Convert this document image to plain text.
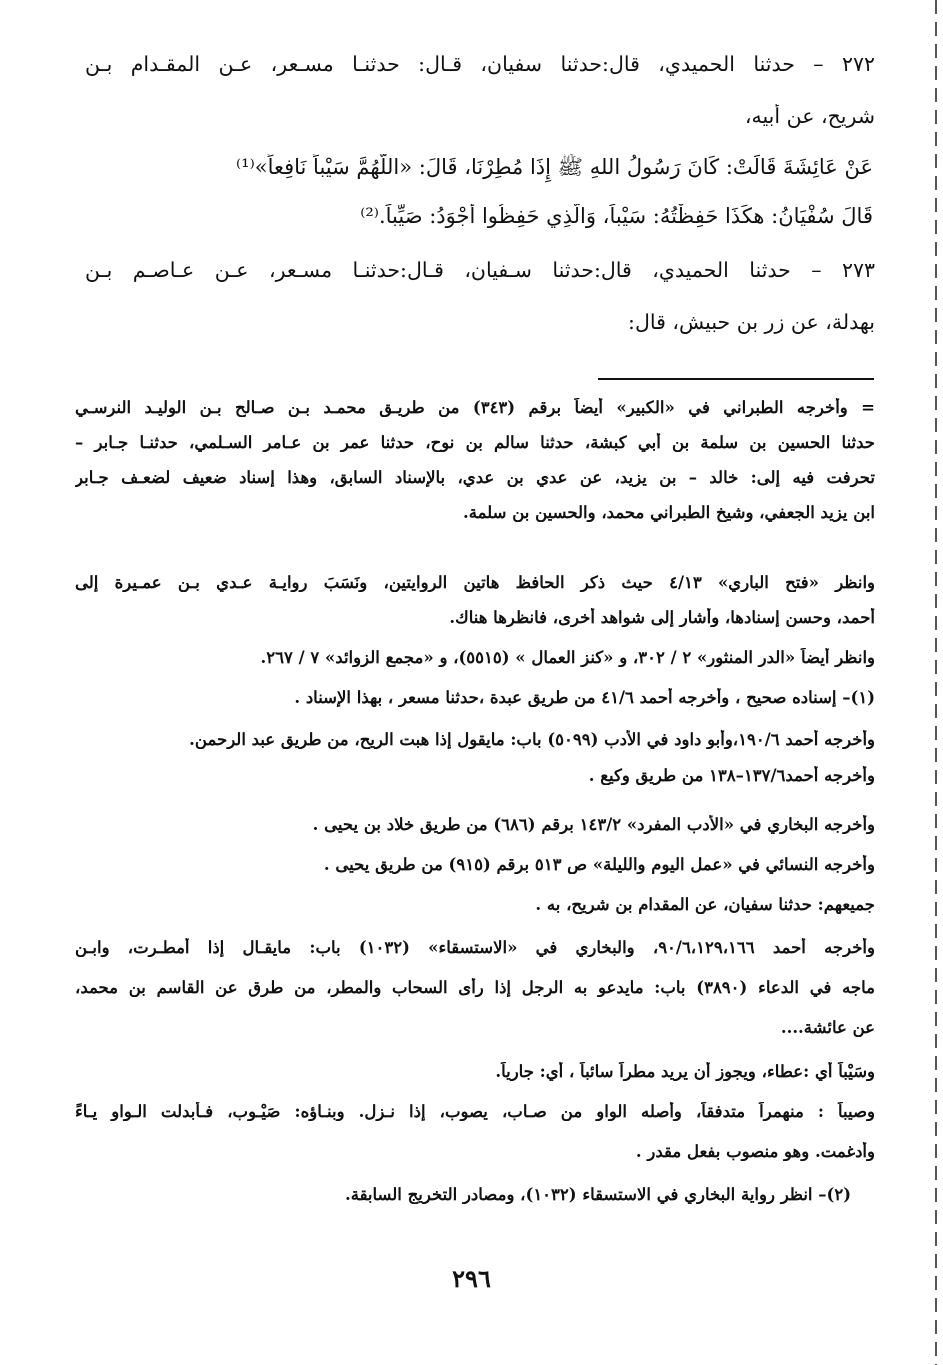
٢٧٢ – حدثنا الحميدي، قال:حدثنا سفيان، قـال: حدثنـا مسـعر، عـن المقـدام بـن
شريح، عن أبيه،
عَنْ عَائِشَةَ قَالَتْ: كَانَ رَسُولُ اللهِ ﷺ إِذَا مُطِرْنَا، قَالَ: «اللَّهُمَّ سَيْباً نَافِعاً»⁽¹⁾
قَالَ سُفْيَانُ: هكَذَا حَفِظْتُهُ: سَيْباً، وَالَّذِي حَفِظُوا أَجْوَدُ: صَيِّباً.⁽²⁾
٢٧٣ – حدثنا الحميدي، قال:حدثنا سـفيان، قـال:حدثنـا مسـعر، عـن عـاصـم بـن
بهدلة، عن زر بن حبيش، قال:
= وأخرجه الطبراني في «الكبير» أيضاً برقم (٣٤٣) من طريـق محمـد بـن صـالح بـن الوليـد النرسـي
حدثنا الحسين بن سلمة بن أبي كبشة، حدثنا سالم بن نوح، حدثنا عمر بن عـامر السـلمي، حدثنـا جـابر –
تحرفت فيه إلى: خالد – بن يزيد، عن عدي بن عدي، بالإسناد السابق، وهذا إسناد ضعيف لضعـف جـابر
ابن يزيد الجعفي، وشيخ الطبراني محمد، والحسين بن سلمة.
وانظر «فتح الباري» ٤/١٣ حيث ذكر الحافظ هاتين الروايتين، ونَسَبَ روايـة عـدي بـن عمـيرة إلى
أحمد، وحسن إسنادها، وأشار إلى شواهد أخرى، فانظرها هناك.
وانظر أيضاً «الدر المنثور» ٢ / ٣٠٢، و «كنز العمال » (٥٥١٥)، و «مجمع الزوائد» ٧ / ٢٦٧.
(١)– إسناده صحيح ، وأخرجه أحمد ٤١/٦ من طريق عبدة ،حدثنا مسعر ، بهذا الإسناد .
وأخرجه أحمد ١٩٠/٦،وأبو داود في الأدب (٥٠٩٩) باب: مايقول إذا هبت الريح، من طريق عبد الرحمن.
وأخرجه أحمد١٣٧/٦–١٣٨ من طريق وكيع .
وأخرجه البخاري في «الأدب المفرد» ١٤٣/٢ برقم (٦٨٦) من طريق خلاد بن يحيى .
وأخرجه النسائي في «عمل اليوم والليلة» ص ٥١٣ برقم (٩١٥) من طريق يحيى .
جميعهم: حدثنا سفيان، عن المقدام بن شريح، به .
وأخرجه أحمد ٩٠/٦،١٢٩،١٦٦، والبخاري في «الاستسقاء» (١٠٣٢) باب: مايقـال إذا أمطـرت، وابـن
ماجه في الدعاء (٣٨٩٠) باب: مايدعو به الرجل إذا رأى السحاب والمطر، من طرق عن القاسم بن محمد،
عن عائشة....
وسَيْباً أي :عطاء، ويجوز أن يريد مطراً سائباً ، أي: جارياً.
وصيباً : منهمراً متدفقاً، وأصله الواو من صـاب، يصوب، إذا نـزل. وبنـاؤه: صَيْـوب، فـأبدلت الـواو يـاءً
وأدغمت. وهو منصوب بفعل مقدر .
(٢)– انظر رواية البخاري في الاستسقاء (١٠٣٢)، ومصادر التخريج السابقة.
٢٩٦
